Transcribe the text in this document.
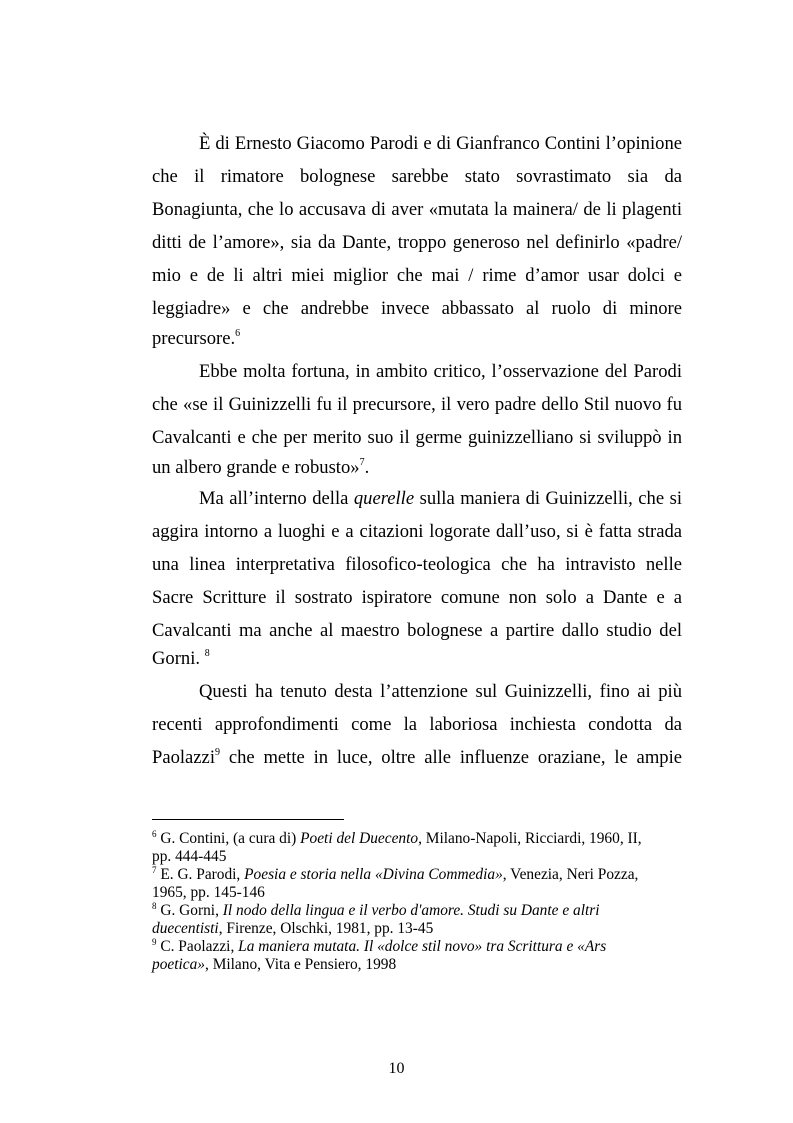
È di Ernesto Giacomo Parodi e di Gianfranco Contini l’opinione
che il rimatore bolognese sarebbe stato sovrastimato sia da
Bonagiunta, che lo accusava di aver «mutata la mainera/ de li plagenti
ditti de l’amore», sia da Dante, troppo generoso nel definirlo «padre/
mio e de li altri miei miglior che mai / rime d’amor usar dolci e
leggiadre» e che andrebbe invece abbassato al ruolo di minore
precursore.$^6$
Ebbe molta fortuna, in ambito critico, l’osservazione del Parodi
che «se il Guinizzelli fu il precursore, il vero padre dello Stil nuovo fu
Cavalcanti e che per merito suo il germe guinizzelliano si sviluppò in
un albero grande e robusto»$^7$.
Ma all’interno della querelle sulla maniera di Guinizzelli, che si
aggira intorno a luoghi e a citazioni logorate dall’uso, si è fatta strada
una linea interpretativa filosofico-teologica che ha intravisto nelle
Sacre Scritture il sostrato ispiratore comune non solo a Dante e a
Cavalcanti ma anche al maestro bolognese a partire dallo studio del
Gorni. $^8$
Questi ha tenuto desta l’attenzione sul Guinizzelli, fino ai più
recenti approfondimenti come la laboriosa inchiesta condotta da
Paolazzi$^9$ che mette in luce, oltre alle influenze oraziane, le ampie
$^6$ G. Contini, (a cura di) Poeti del Duecento, Milano-Napoli, Ricciardi, 1960, II,
pp. 444-445
$^7$ E. G. Parodi, Poesia e storia nella «Divina Commedia», Venezia, Neri Pozza,
1965, pp. 145-146
$^8$ G. Gorni, Il nodo della lingua e il verbo d'amore. Studi su Dante e altri
duecentisti, Firenze, Olschki, 1981, pp. 13-45
$^9$ C. Paolazzi, La maniera mutata. Il «dolce stil novo» tra Scrittura e «Ars
poetica», Milano, Vita e Pensiero, 1998
10
